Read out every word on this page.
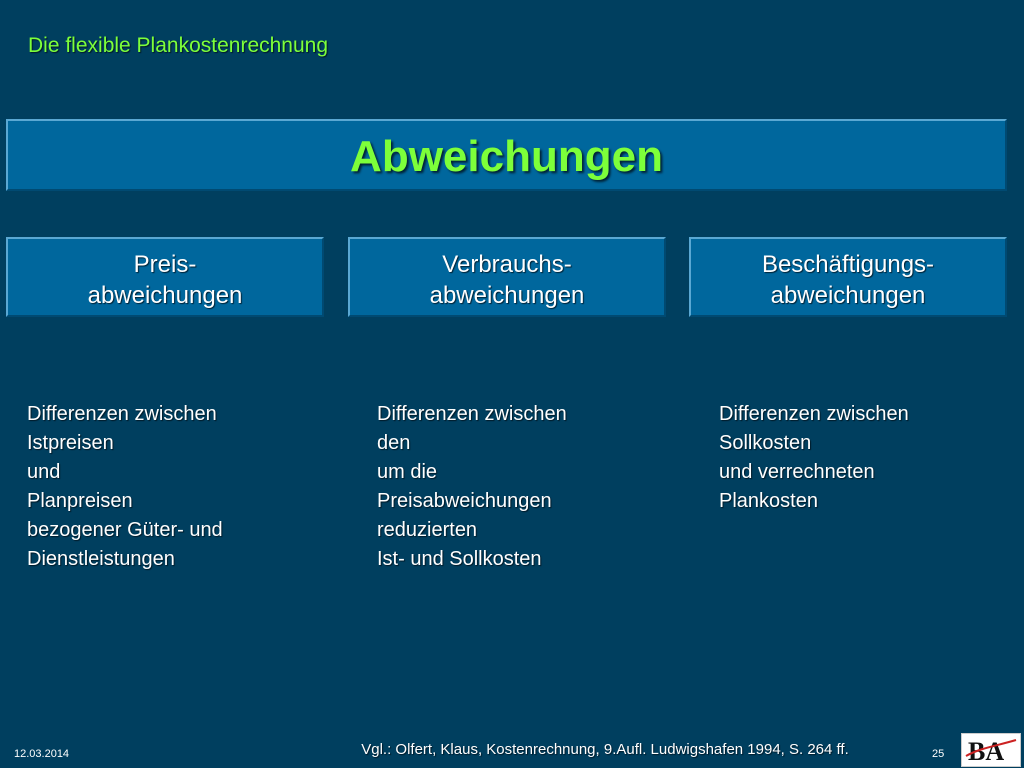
Die flexible Plankostenrechnung
Abweichungen
Preis-
abweichungen
Verbrauchs-
abweichungen
Beschäftigungs-
abweichungen
Differenzen zwischen
Istpreisen
und
Planpreisen
bezogener Güter- und
Dienstleistungen
Differenzen zwischen
den
um die
Preisabweichungen
reduzierten
Ist- und Sollkosten
Differenzen zwischen
Sollkosten
und verrechneten
Plankosten
12.03.2014	Vgl.: Olfert, Klaus, Kostenrechnung, 9.Aufl. Ludwigshafen 1994, S. 264 ff.	25 BA
